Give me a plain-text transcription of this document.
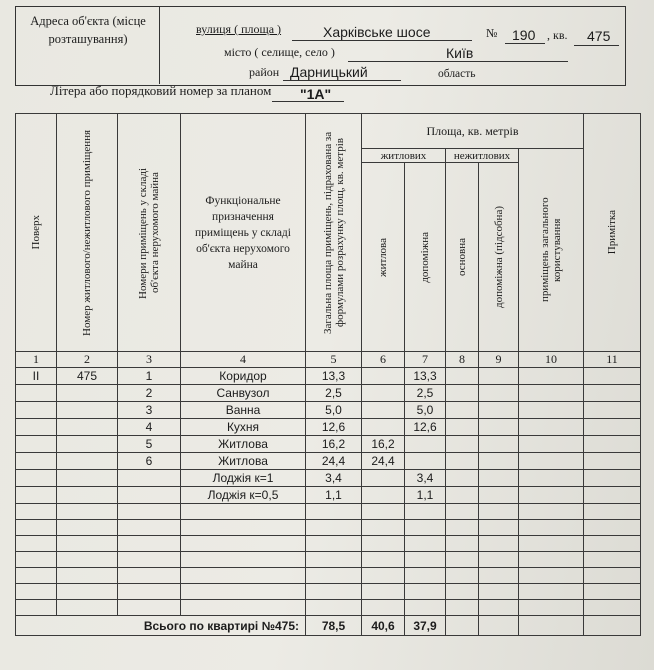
Адреса об'єкта (місце розташування)
вулиця ( площа )	Харківське шосе	№ 190 , кв. 475
місто ( селище, село )	Київ
район Дарницький	область
Літера або порядковий номер за планом "1А"
Поверх	Номер житлового/нежитлового приміщення	Номери приміщень у складі об'єкта нерухомого майна	Функціональне призначення приміщень у складі об'єкта нерухомого майна	Загальна площа приміщень, підрахована за формулами розрахунку площ, кв. метрів	Площа, кв. метрів					Примітка

					житлових		нежитлових		приміщень загального користування	

					житлова	допоміжна	основна	допоміжна (підсобна)		

1	2	3	4	5	6	7	8	9	10	11
ІІ	475	1	Коридор	13,3		13,3				
		2	Санвузол	2,5		2,5				
		3	Ванна	5,0		5,0				
		4	Кухня	12,6		12,6				
		5	Житлова	16,2	16,2					
		6	Житлова	24,4	24,4					
			Лоджія к=1	3,4		3,4				
			Лоджія к=0,5	1,1		1,1				

Всього по квартирі №475:				78,5	40,6	37,9				
